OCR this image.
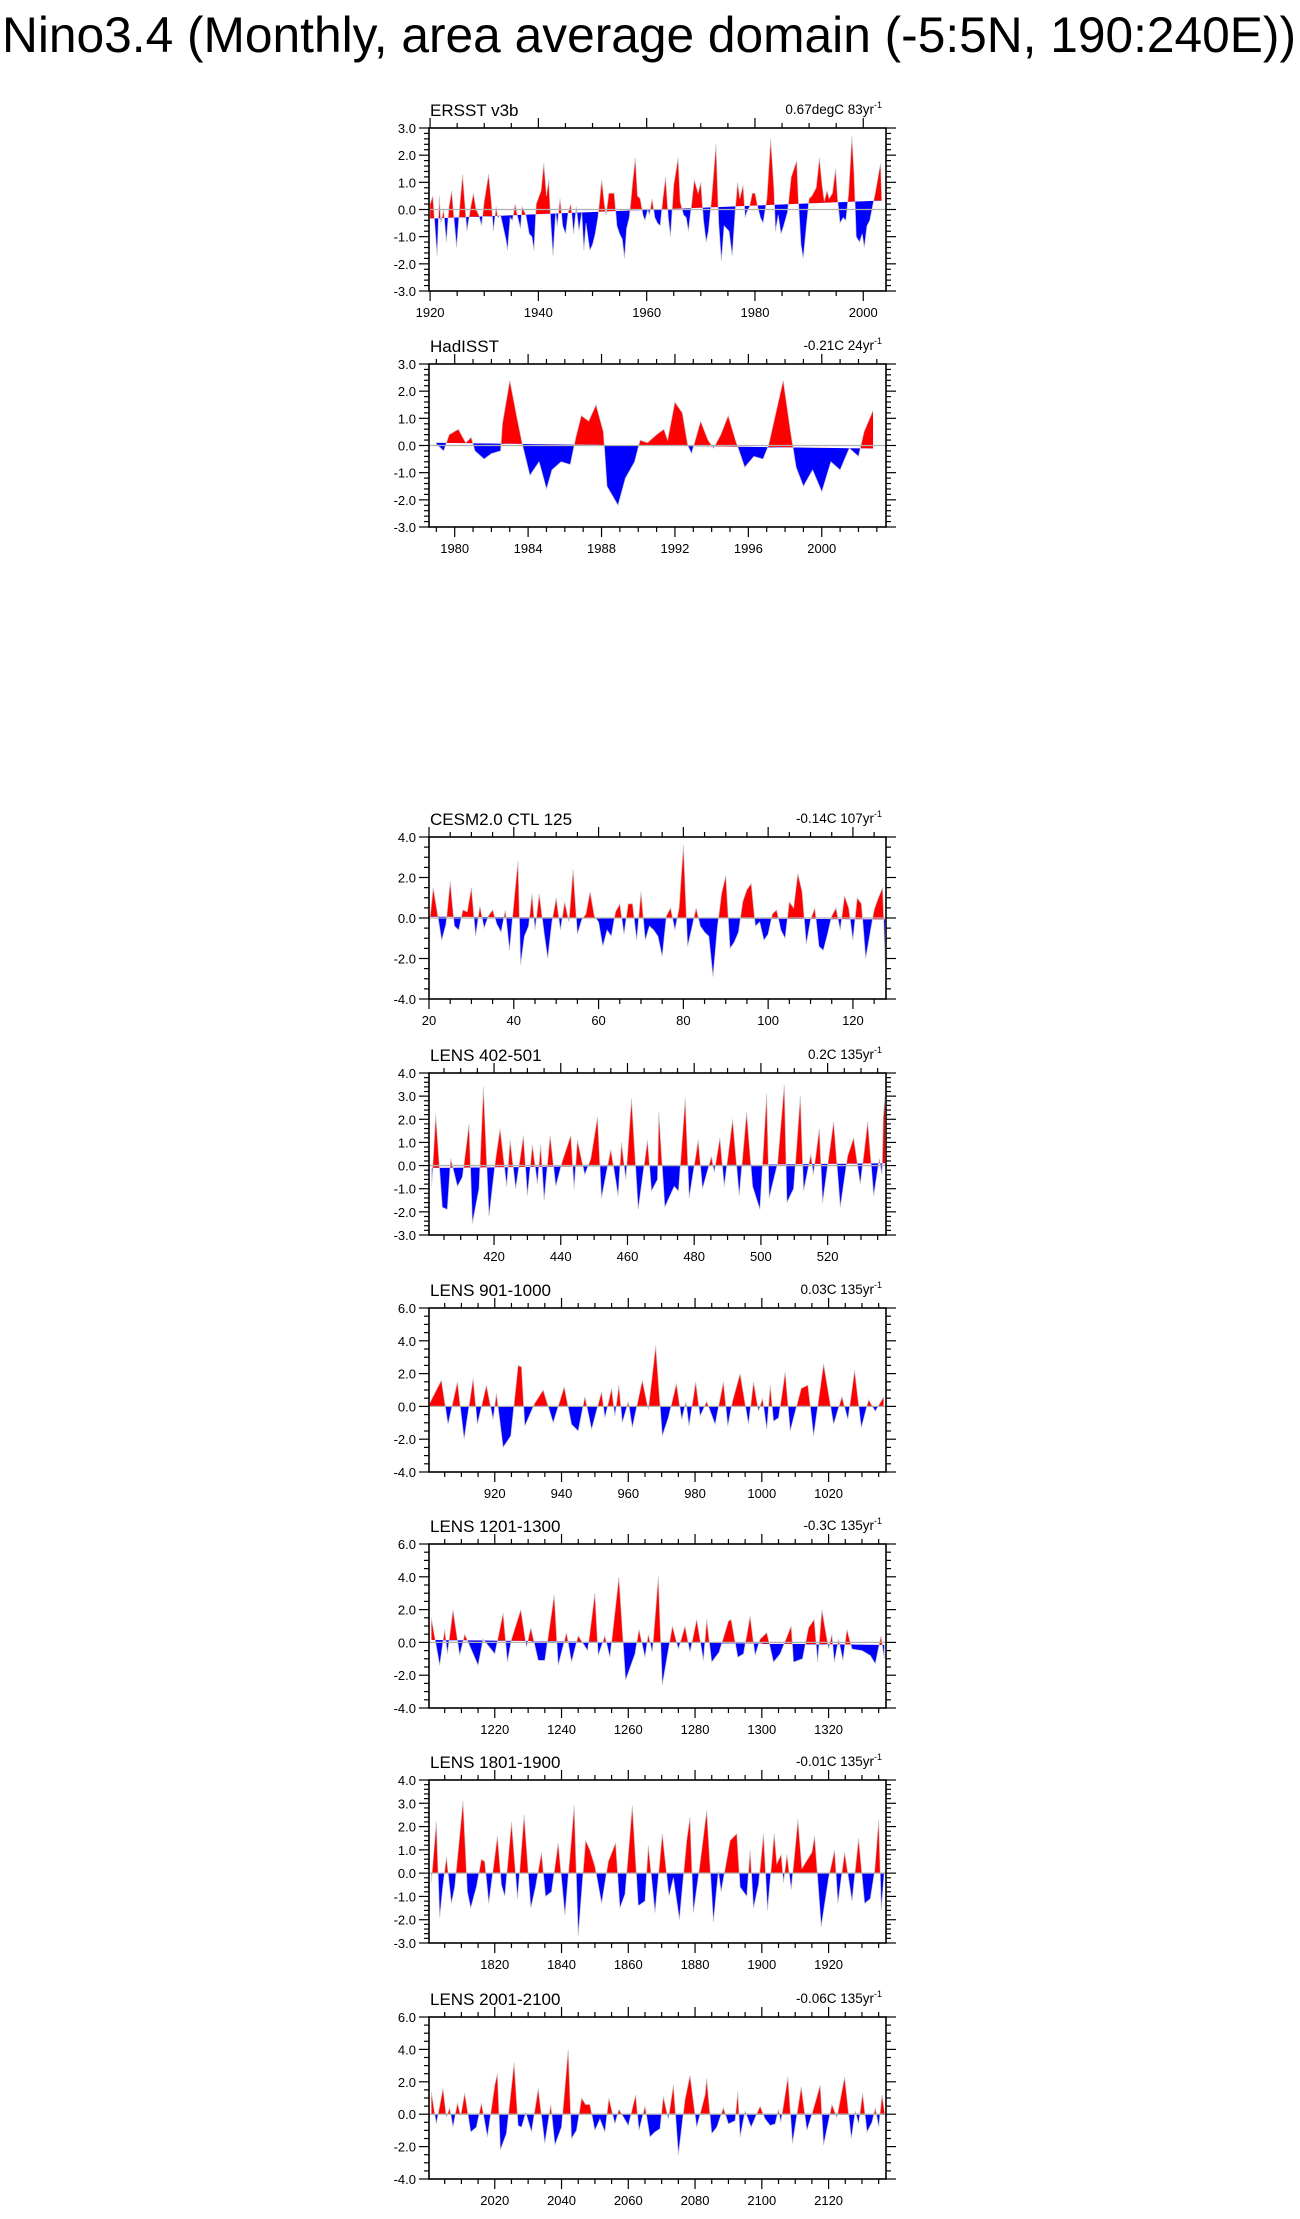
Nino3.4 (Monthly, area average domain (-5:5N, 190:240E))
-3.0
-2.0
-1.0
0.0
1.0
2.0
3.0
1920	1940	1960	1980	2000
ERSST v3b	0.67degC $83yr^{-1}$
-3.0
-2.0
-1.0
0.0
1.0
2.0
3.0
1980	1984	1988	1992	1996	2000
HadISST	-0.21C $24yr^{-1}$
-4.0
-2.0
0.0
2.0
4.0
20	40	60	80	100	120
CESM2.0 CTL 125	-0.14C $107yr^{-1}$
-3.0
-2.0
-1.0
0.0
1.0
2.0
3.0
4.0
420	440	460	480	500	520
LENS 402-501	0.2C $135yr^{-1}$
-4.0
-2.0
0.0
2.0
4.0
6.0
920	940	960	980	1000	1020
LENS 901-1000	0.03C $135yr^{-1}$
-4.0
-2.0
0.0
2.0
4.0
6.0
1220	1240	1260	1280	1300	1320
LENS 1201-1300	-0.3C $135yr^{-1}$
-3.0
-2.0
-1.0
0.0
1.0
2.0
3.0
4.0
1820	1840	1860	1880	1900	1920
LENS 1801-1900	-0.01C $135yr^{-1}$
-4.0
-2.0
0.0
2.0
4.0
6.0
2020	2040	2060	2080	2100	2120
LENS 2001-2100	-0.06C $135yr^{-1}$
